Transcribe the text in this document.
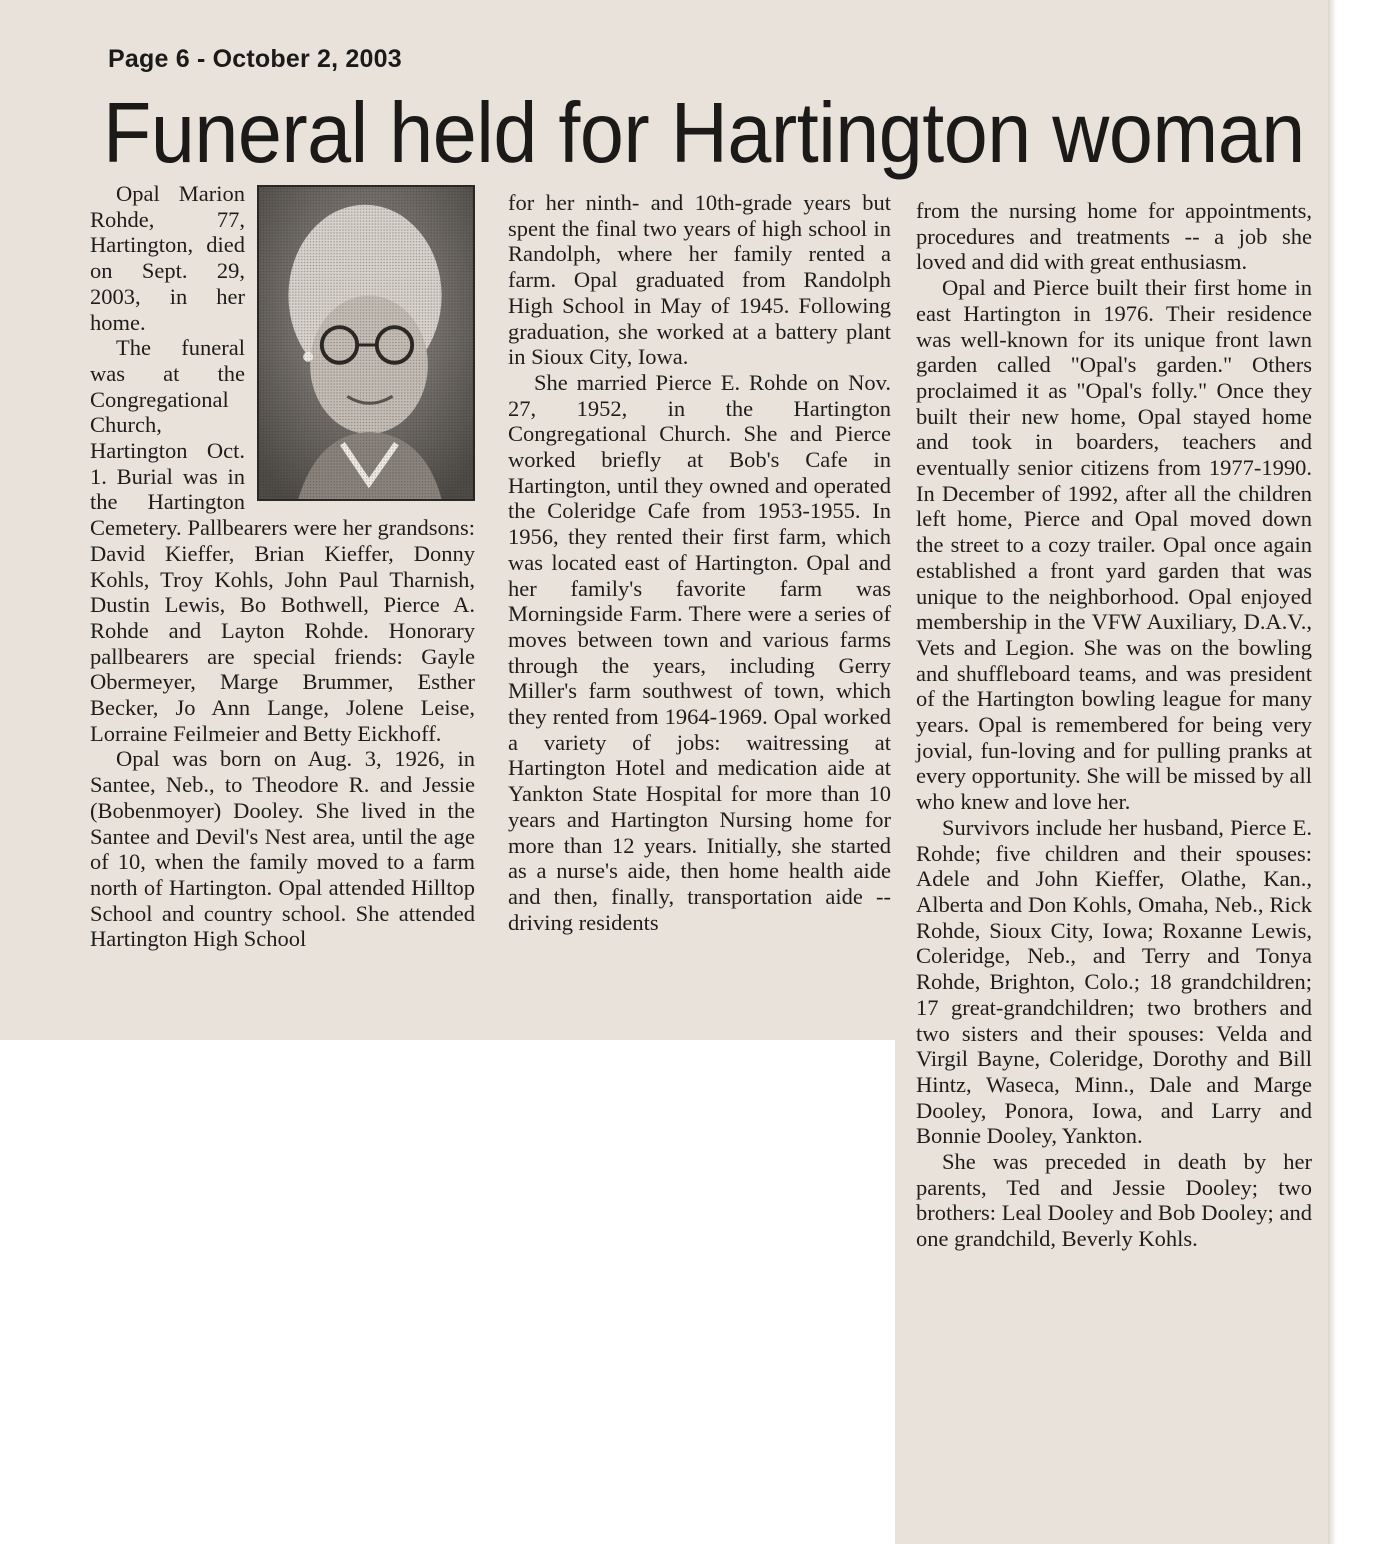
Page 6 - October 2, 2003
Funeral held for Hartington woman

Opal Marion Rohde, 77, Hartington, died on Sept. 29, 2003, in her home.

The funeral was at the Congregational Church, Hartington Oct. 1. Burial was in the Hartington Cemetery. Pallbearers were her grandsons: David Kieffer, Brian Kieffer, Donny Kohls, Troy Kohls, John Paul Tharnish, Dustin Lewis, Bo Bothwell, Pierce A. Rohde and Layton Rohde. Honorary pallbearers are special friends: Gayle Obermeyer, Marge Brummer, Esther Becker, Jo Ann Lange, Jolene Leise, Lorraine Feilmeier and Betty Eickhoff.

Opal was born on Aug. 3, 1926, in Santee, Neb., to Theodore R. and Jessie (Bobenmoyer) Dooley. She lived in the Santee and Devil's Nest area, until the age of 10, when the family moved to a farm north of Hartington. Opal attended Hilltop School and country school. She attended Hartington High School

for her ninth- and 10th-grade years but spent the final two years of high school in Randolph, where her family rented a farm. Opal graduated from Randolph High School in May of 1945. Following graduation, she worked at a battery plant in Sioux City, Iowa.

She married Pierce E. Rohde on Nov. 27, 1952, in the Hartington Congregational Church. She and Pierce worked briefly at Bob's Cafe in Hartington, until they owned and operated the Coleridge Cafe from 1953-1955. In 1956, they rented their first farm, which was located east of Hartington. Opal and her family's favorite farm was Morningside Farm. There were a series of moves between town and various farms through the years, including Gerry Miller's farm southwest of town, which they rented from 1964-1969. Opal worked a variety of jobs: waitressing at Hartington Hotel and medication aide at Yankton State Hospital for more than 10 years and Hartington Nursing home for more than 12 years. Initially, she started as a nurse's aide, then home health aide and then, finally, transportation aide -- driving residents

from the nursing home for appointments, procedures and treatments -- a job she loved and did with great enthusiasm.

Opal and Pierce built their first home in east Hartington in 1976. Their residence was well-known for its unique front lawn garden called "Opal's garden." Others proclaimed it as "Opal's folly." Once they built their new home, Opal stayed home and took in boarders, teachers and eventually senior citizens from 1977-1990. In December of 1992, after all the children left home, Pierce and Opal moved down the street to a cozy trailer. Opal once again established a front yard garden that was unique to the neighborhood. Opal enjoyed membership in the VFW Auxiliary, D.A.V., Vets and Legion. She was on the bowling and shuffleboard teams, and was president of the Hartington bowling league for many years. Opal is remembered for being very jovial, fun-loving and for pulling pranks at every opportunity. She will be missed by all who knew and love her.

Survivors include her husband, Pierce E. Rohde; five children and their spouses: Adele and John Kieffer, Olathe, Kan., Alberta and Don Kohls, Omaha, Neb., Rick Rohde, Sioux City, Iowa; Roxanne Lewis, Coleridge, Neb., and Terry and Tonya Rohde, Brighton, Colo.; 18 grandchildren; 17 great-grandchildren; two brothers and two sisters and their spouses: Velda and Virgil Bayne, Coleridge, Dorothy and Bill Hintz, Waseca, Minn., Dale and Marge Dooley, Ponora, Iowa, and Larry and Bonnie Dooley, Yankton.

She was preceded in death by her parents, Ted and Jessie Dooley; two brothers: Leal Dooley and Bob Dooley; and one grandchild, Beverly Kohls.
